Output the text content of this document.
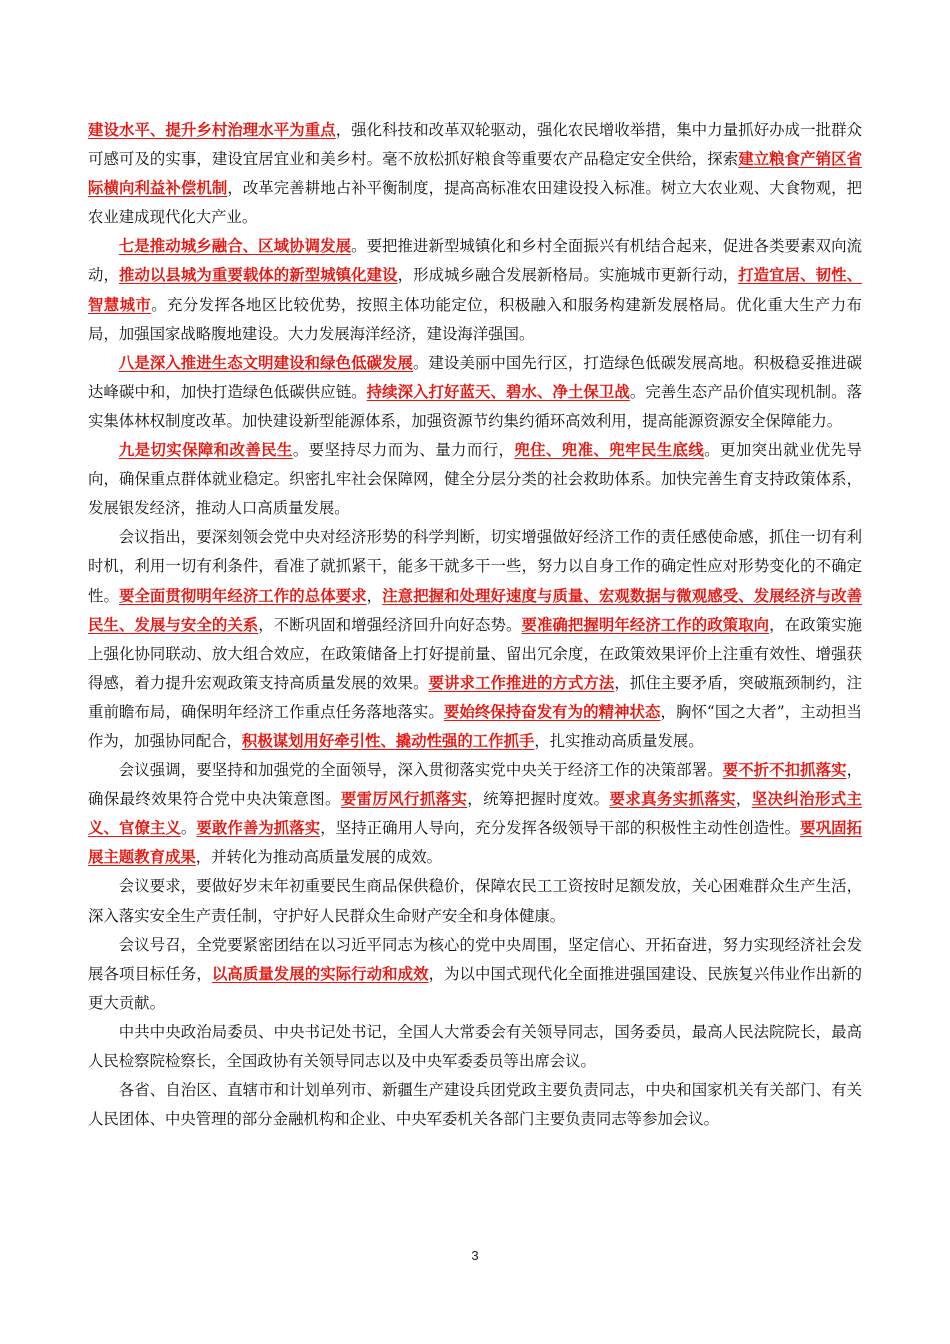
建设水平、提升乡村治理水平为重点，强化科技和改革双轮驱动，强化农民增收举措，集中力量抓好办成一批群众可感可及的实事，建设宜居宜业和美乡村。毫不放松抓好粮食等重要农产品稳定安全供给，探索建立粮食产销区省际横向利益补偿机制，改革完善耕地占补平衡制度，提高高标准农田建设投入标准。树立大农业观、大食物观，把农业建成现代化大产业。

七是推动城乡融合、区域协调发展。要把推进新型城镇化和乡村全面振兴有机结合起来，促进各类要素双向流动，推动以县城为重要载体的新型城镇化建设，形成城乡融合发展新格局。实施城市更新行动，打造宜居、韧性、智慧城市。充分发挥各地区比较优势，按照主体功能定位，积极融入和服务构建新发展格局。优化重大生产力布局，加强国家战略腹地建设。大力发展海洋经济，建设海洋强国。

八是深入推进生态文明建设和绿色低碳发展。建设美丽中国先行区，打造绿色低碳发展高地。积极稳妥推进碳达峰碳中和，加快打造绿色低碳供应链。持续深入打好蓝天、碧水、净土保卫战。完善生态产品价值实现机制。落实集体林权制度改革。加快建设新型能源体系，加强资源节约集约循环高效利用，提高能源资源安全保障能力。

九是切实保障和改善民生。要坚持尽力而为、量力而行，兜住、兜准、兜牢民生底线。更加突出就业优先导向，确保重点群体就业稳定。织密扎牢社会保障网，健全分层分类的社会救助体系。加快完善生育支持政策体系，发展银发经济，推动人口高质量发展。

会议指出，要深刻领会党中央对经济形势的科学判断，切实增强做好经济工作的责任感使命感，抓住一切有利时机，利用一切有利条件，看准了就抓紧干，能多干就多干一些，努力以自身工作的确定性应对形势变化的不确定性。要全面贯彻明年经济工作的总体要求，注意把握和处理好速度与质量、宏观数据与微观感受、发展经济与改善民生、发展与安全的关系，不断巩固和增强经济回升向好态势。要准确把握明年经济工作的政策取向，在政策实施上强化协同联动、放大组合效应，在政策储备上打好提前量、留出冗余度，在政策效果评价上注重有效性、增强获得感，着力提升宏观政策支持高质量发展的效果。要讲求工作推进的方式方法，抓住主要矛盾，突破瓶颈制约，注重前瞻布局，确保明年经济工作重点任务落地落实。要始终保持奋发有为的精神状态，胸怀“国之大者”，主动担当作为，加强协同配合，积极谋划用好牵引性、撬动性强的工作抓手，扎实推动高质量发展。

会议强调，要坚持和加强党的全面领导，深入贯彻落实党中央关于经济工作的决策部署。要不折不扣抓落实，确保最终效果符合党中央决策意图。要雷厉风行抓落实，统筹把握时度效。要求真务实抓落实，坚决纠治形式主义、官僚主义。要敢作善为抓落实，坚持正确用人导向，充分发挥各级领导干部的积极性主动性创造性。要巩固拓展主题教育成果，并转化为推动高质量发展的成效。

会议要求，要做好岁末年初重要民生商品保供稳价，保障农民工工资按时足额发放，关心困难群众生产生活，深入落实安全生产责任制，守护好人民群众生命财产安全和身体健康。

会议号召，全党要紧密团结在以习近平同志为核心的党中央周围，坚定信心、开拓奋进，努力实现经济社会发展各项目标任务，以高质量发展的实际行动和成效，为以中国式现代化全面推进强国建设、民族复兴伟业作出新的更大贡献。

中共中央政治局委员、中央书记处书记，全国人大常委会有关领导同志，国务委员，最高人民法院院长，最高人民检察院检察长，全国政协有关领导同志以及中央军委委员等出席会议。

各省、自治区、直辖市和计划单列市、新疆生产建设兵团党政主要负责同志，中央和国家机关有关部门、有关人民团体、中央管理的部分金融机构和企业、中央军委机关各部门主要负责同志等参加会议。

3
